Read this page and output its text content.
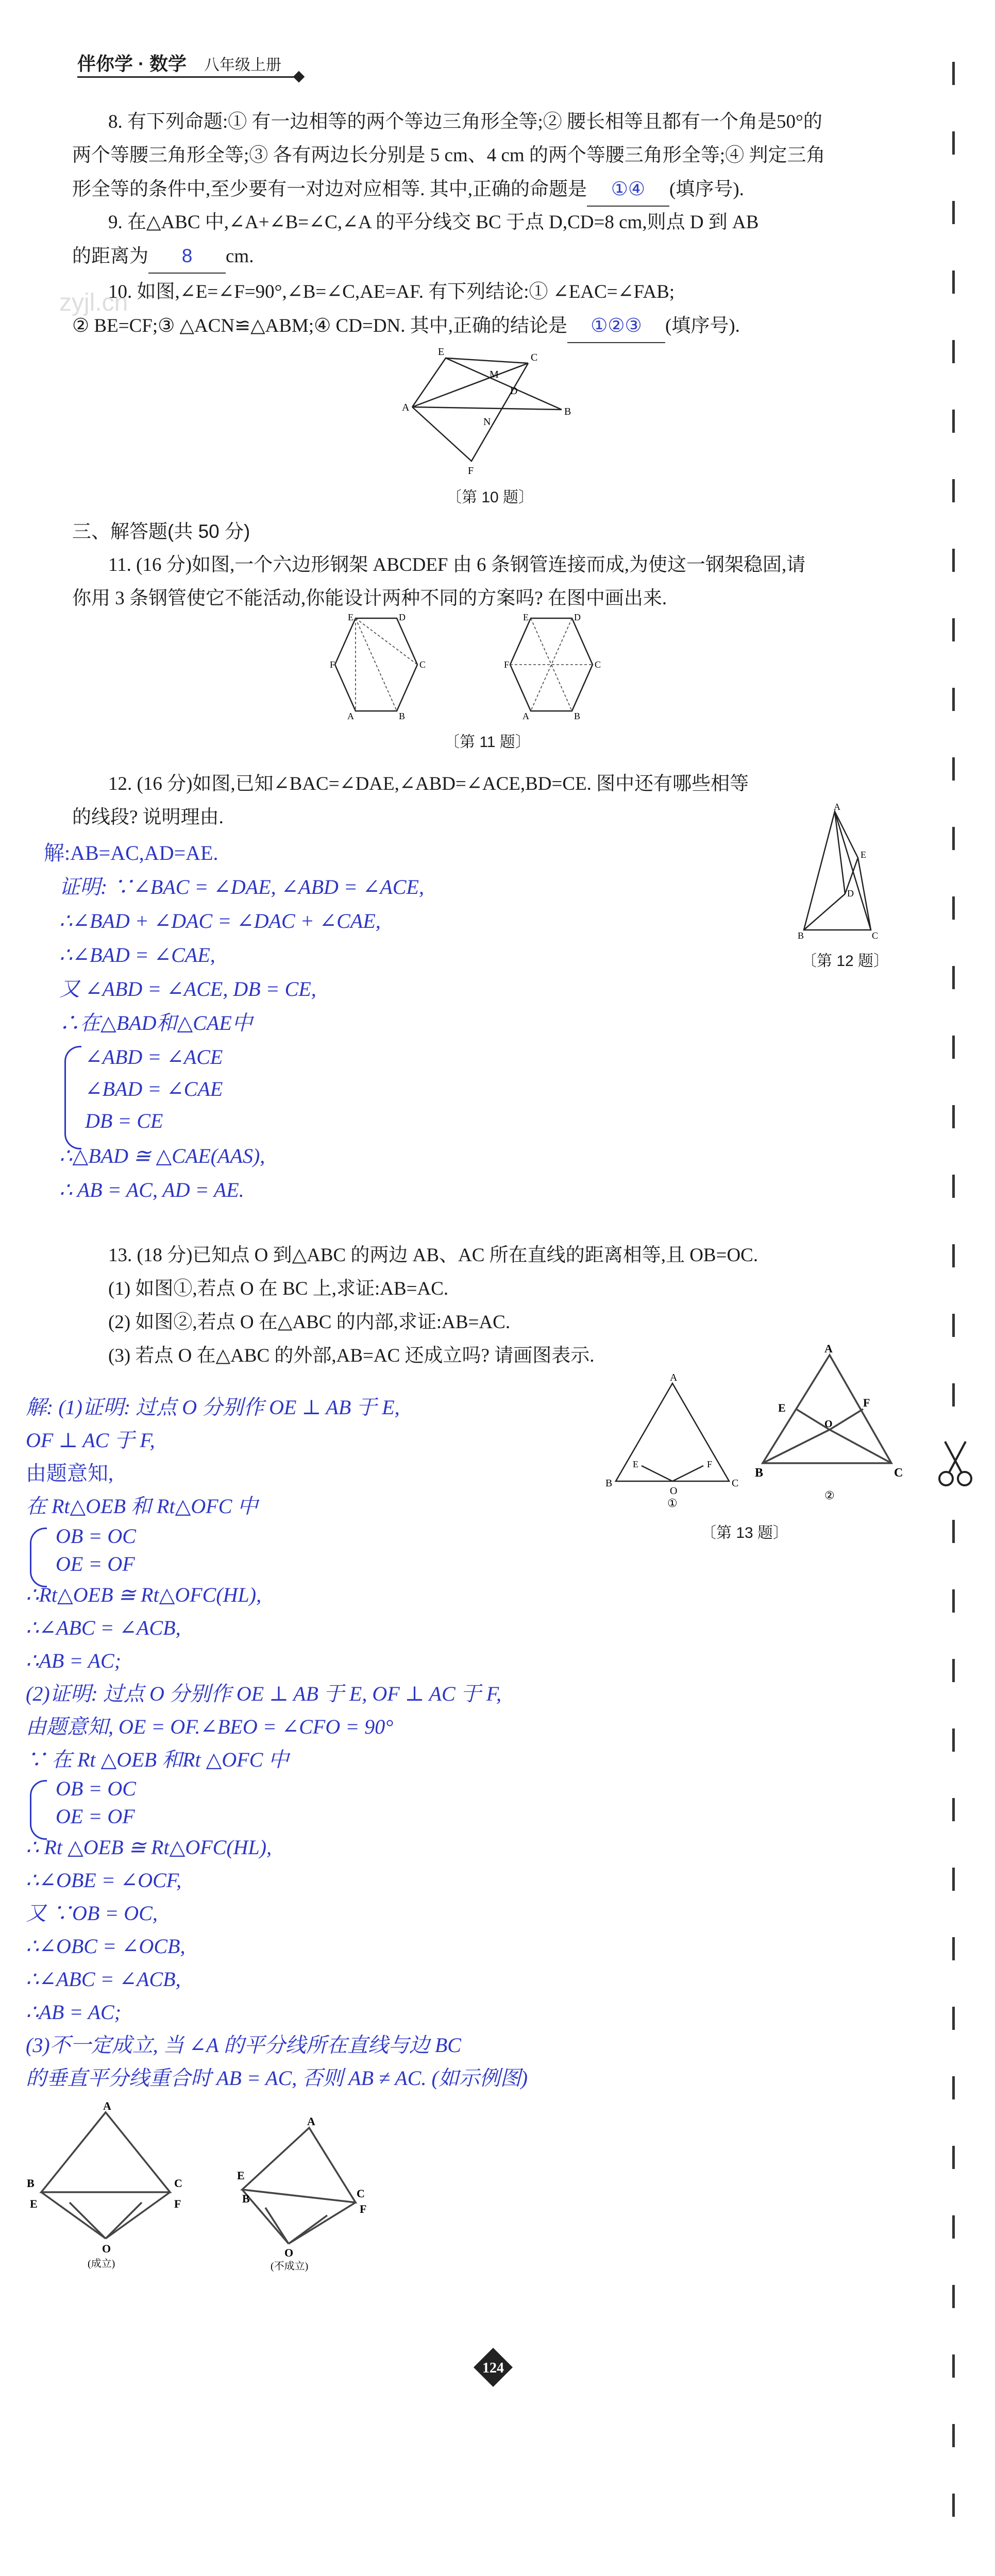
伴你学 · 数学 八年级上册
zyjl.cn
8. 有下列命题:① 有一边相等的两个等边三角形全等;② 腰长相等且都有一个角是50°的
两个等腰三角形全等;③ 各有两边长分别是 5 cm、4 cm 的两个等腰三角形全等;④ 判定三角
形全等的条件中,至少要有一对边对应相等. 其中,正确的命题是 ①④ (填序号).
9. 在△ABC 中,∠A+∠B=∠C,∠A 的平分线交 BC 于点 D,CD=8 cm,则点 D 到 AB
的距离为 8 cm.
10. 如图,∠E=∠F=90°,∠B=∠C,AE=AF. 有下列结论:① ∠EAC=∠FAB;
② BE=CF;③ △ACN≌△ABM;④ CD=DN. 其中,正确的结论是 ①②③ (填序号).
E	C
M
D
A	B
N
F
〔第 10 题〕
三、解答题(共 50 分)
11. (16 分)如图,一个六边形钢架 ABCDEF 由 6 条钢管连接而成,为使这一钢架稳固,请
你用 3 条钢管使它不能活动,你能设计两种不同的方案吗? 在图中画出来.
E	D
F	C
A	B
E	D
F	C
A	B
〔第 11 题〕
12. (16 分)如图,已知∠BAC=∠DAE,∠ABD=∠ACE,BD=CE. 图中还有哪些相等
的线段? 说明理由.	A
E
D
B	C
〔第 12 题〕
解:AB=AC,AD=AE.
证明: ∵∠BAC = ∠DAE, ∠ABD = ∠ACE,
∴∠BAD + ∠DAC = ∠DAC + ∠CAE,
∴∠BAD = ∠CAE,
又 ∠ABD = ∠ACE, DB = CE,
∴在△BAD和△CAE中
∠ABD = ∠ACE
∠BAD = ∠CAE
DB = CE
∴△BAD ≅ △CAE(AAS),
∴ AB = AC, AD = AE.
13. (18 分)已知点 O 到△ABC 的两边 AB、AC 所在直线的距离相等,且 OB=OC.
(1) 如图①,若点 O 在 BC 上,求证:AB=AC.
(2) 如图②,若点 O 在△ABC 的内部,求证:AB=AC.
(3) 若点 O 在△ABC 的外部,AB=AC 还成立吗? 请画图表示.
A
B	C
O
E	F
①
A
E	F
O
B	C
②
〔第 13 题〕
解: (1)证明: 过点 O 分别作 OE ⊥ AB 于 E,
OF ⊥ AC 于 F,
由题意知,
在 Rt△OEB 和 Rt△OFC 中
OB = OC
OE = OF
∴Rt△OEB ≅ Rt△OFC(HL),
∴∠ABC = ∠ACB,
∴AB = AC;
(2)证明: 过点 O 分别作 OE ⊥ AB 于 E, OF ⊥ AC 于 F,
由题意知, OE = OF.∠BEO = ∠CFO = 90°
∵ 在 Rt △OEB 和Rt △OFC 中
OB = OC
OE = OF
∴ Rt △OEB ≅ Rt△OFC(HL),
∴∠OBE = ∠OCF,
又 ∵OB = OC,
∴∠OBC = ∠OCB,
∴∠ABC = ∠ACB,
∴AB = AC;
(3)不一定成立, 当 ∠A 的平分线所在直线与边 BC
的垂直平分线重合时 AB = AC, 否则 AB ≠ AC. (如示例图)
A
B	C
E	F
O
(成立)
A
E
B	C
F
O
(不成立)
124
